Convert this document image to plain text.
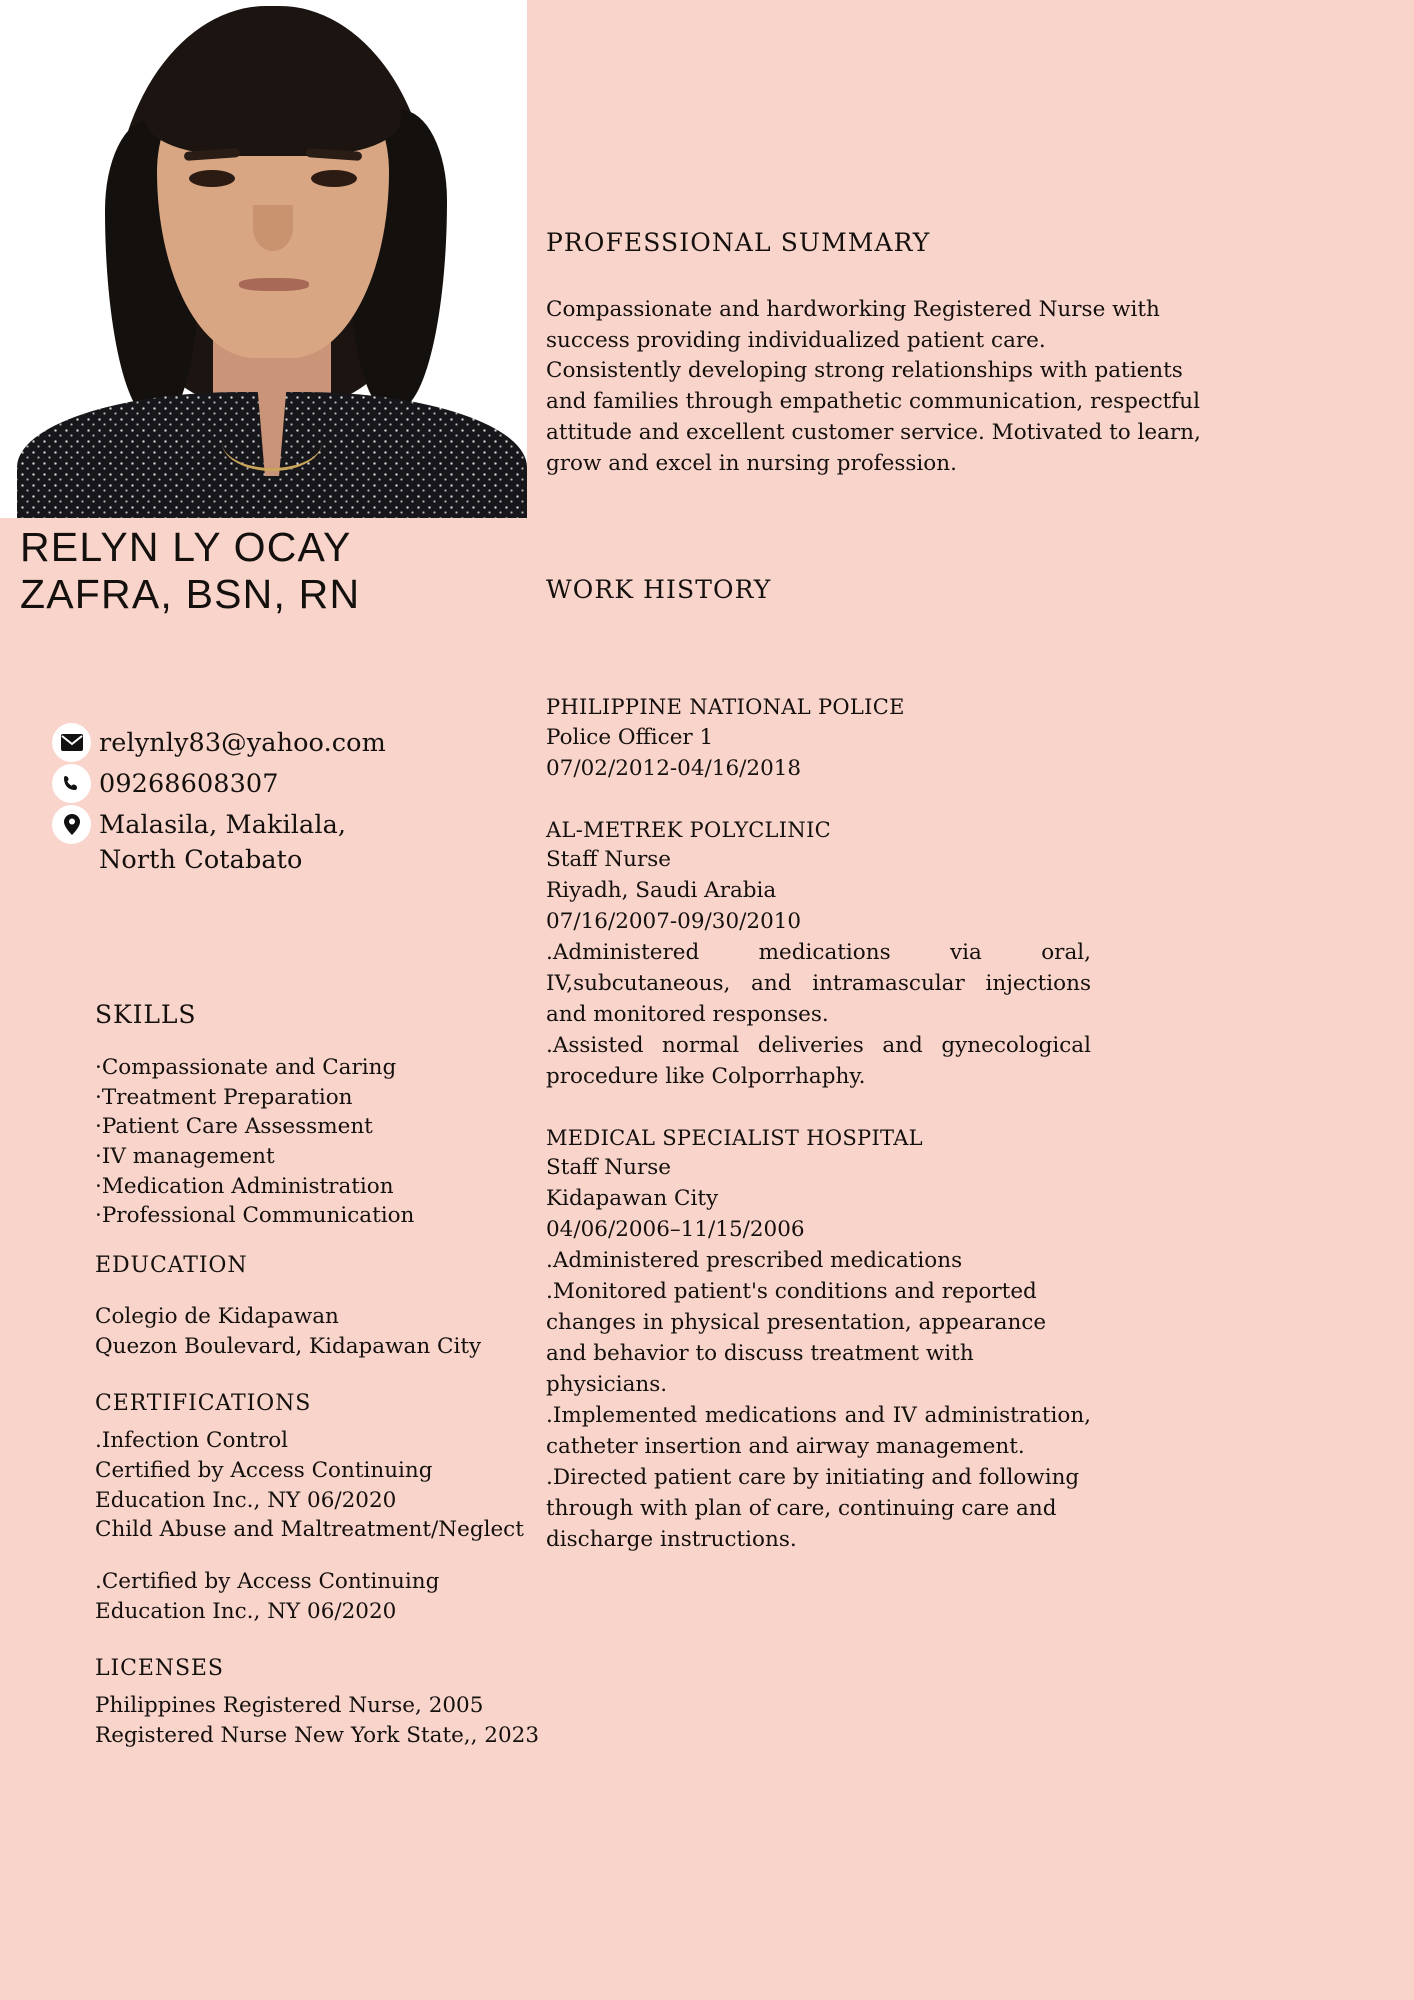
RELYN LY OCAY
ZAFRA, BSN, RN
relynly83@yahoo.com
09268608307
Malasila, Makilala,
North Cotabato
SKILLS
·Compassionate and Caring
·Treatment Preparation
·Patient Care Assessment
·IV management
·Medication Administration
·Professional Communication
EDUCATION
Colegio de Kidapawan
Quezon Boulevard, Kidapawan City
CERTIFICATIONS
.Infection Control
Certified by Access Continuing
Education Inc., NY 06/2020
Child Abuse and Maltreatment/Neglect
.Certified by Access Continuing
Education Inc., NY 06/2020
LICENSES
Philippines Registered Nurse, 2005
Registered Nurse New York State,, 2023
PROFESSIONAL SUMMARY
Compassionate and hardworking Registered Nurse with
success providing individualized patient care.
Consistently developing strong relationships with patients
and families through empathetic communication, respectful
attitude and excellent customer service. Motivated to learn,
grow and excel in nursing profession.
WORK HISTORY
PHILIPPINE NATIONAL POLICE
Police Officer 1
07/02/2012-04/16/2018
AL-METREK POLYCLINIC
Staff Nurse
Riyadh, Saudi Arabia
07/16/2007-09/30/2010
.Administered medications via oral, IV,subcutaneous, and intramascular injections and monitored responses.
.Assisted normal deliveries and gynecological procedure like Colporrhaphy.
MEDICAL SPECIALIST HOSPITAL
Staff Nurse
Kidapawan City
04/06/2006–11/15/2006
.Administered prescribed medications
.Monitored patient's conditions and reported changes in physical presentation, appearance and behavior to discuss treatment with physicians.
.Implemented medications and IV administration, catheter insertion and airway management.
.Directed patient care by initiating and following through with plan of care, continuing care and discharge instructions.
